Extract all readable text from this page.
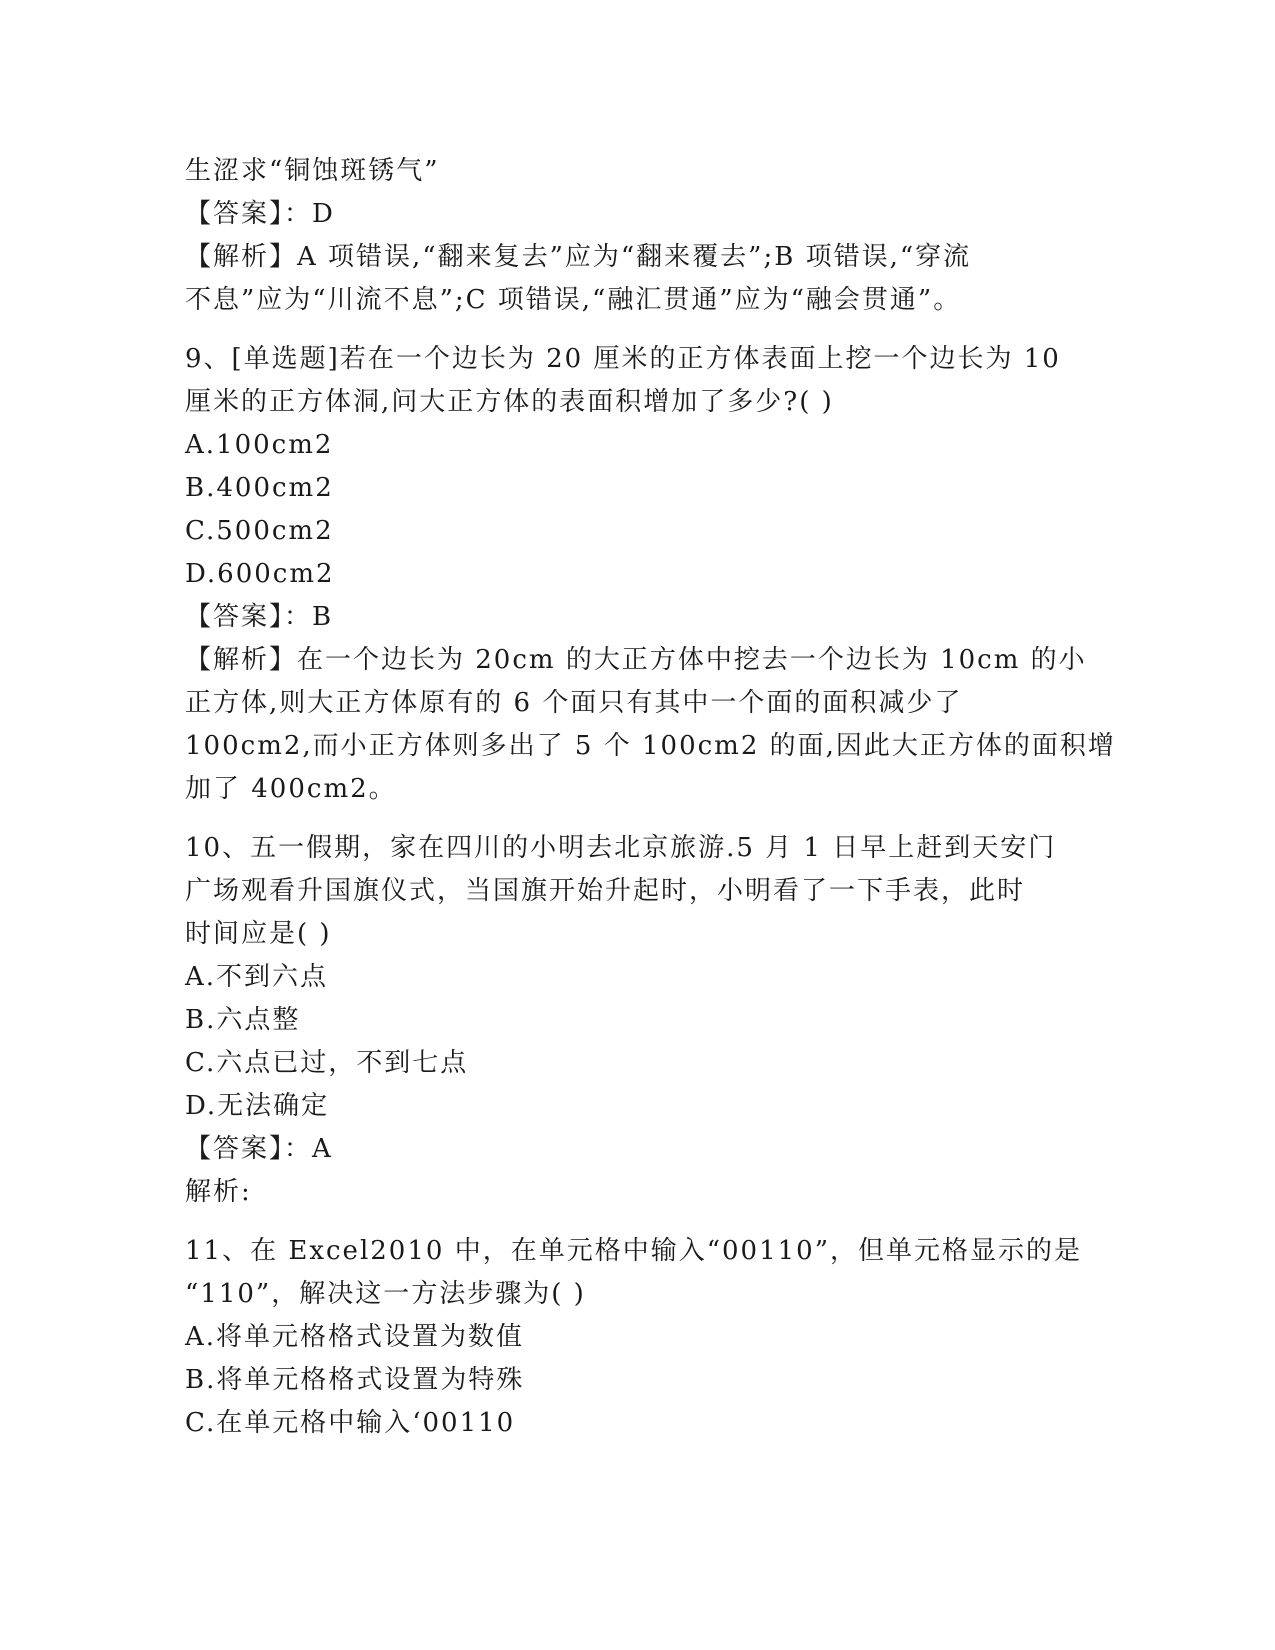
生涩求“铜蚀斑锈气”
【答案】：D
【解析】A 项错误,“翻来复去”应为“翻来覆去”;B 项错误,“穿流
不息”应为“川流不息”;C 项错误,“融汇贯通”应为“融会贯通”。
9、[单选题]若在一个边长为 20 厘米的正方体表面上挖一个边长为 10
厘米的正方体洞,问大正方体的表面积增加了多少?( )
A.100cm2
B.400cm2
C.500cm2
D.600cm2
【答案】：B
【解析】在一个边长为 20cm 的大正方体中挖去一个边长为 10cm 的小
正方体,则大正方体原有的 6 个面只有其中一个面的面积减少了
100cm2,而小正方体则多出了 5 个 100cm2 的面,因此大正方体的面积增
加了 400cm2。
10、五一假期，家在四川的小明去北京旅游.5 月 1 日早上赶到天安门
广场观看升国旗仪式，当国旗开始升起时，小明看了一下手表，此时
时间应是( )
A.不到六点
B.六点整
C.六点已过，不到七点
D.无法确定
【答案】：A
解析:
11、在 Excel2010 中，在单元格中输入“00110”，但单元格显示的是
“110”，解决这一方法步骤为( )
A.将单元格格式设置为数值
B.将单元格格式设置为特殊
C.在单元格中输入‘00110
